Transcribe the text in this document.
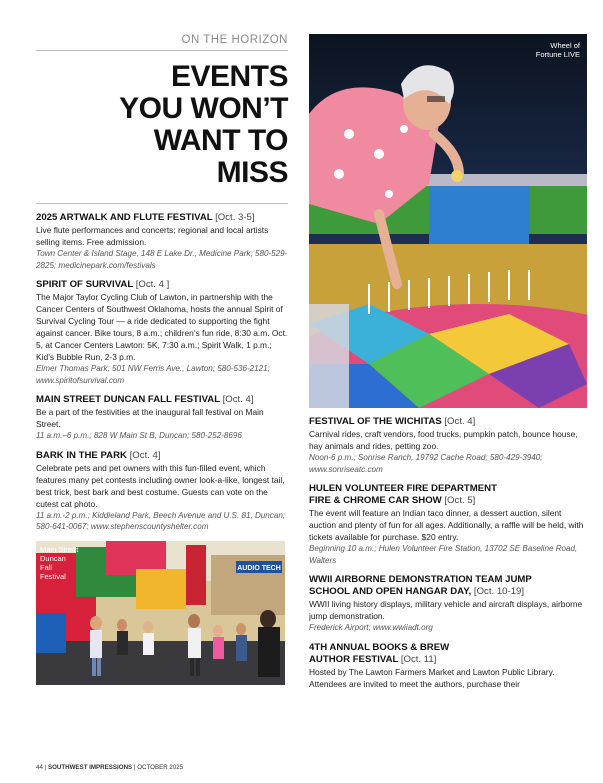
ON THE HORIZON
EVENTS
YOU WON’T
WANT TO
MISS
2025 ARTWALK AND FLUTE FESTIVAL [Oct. 3-5]
Live flute performances and concerts; regional and local artists selling items. Free admission.
Town Center & Island Stage, 148 E Lake Dr., Medicine Park; 580-529-2825; medicinepark.com/festivals
SPIRIT OF SURVIVAL [Oct. 4 ]
The Major Taylor Cycling Club of Lawton, in partnership with the Cancer Centers of Southwest Oklahoma, hosts the annual Spirit of Survival Cycling Tour — a ride dedicated to supporting the fight against cancer. Bike tours, 8 a.m.; children’s fun ride, 8:30 a.m. Oct. 5, at Cancer Centers Lawton: 5K, 7:30 a.m.; Spirit Walk, 1 p.m.; Kid’s Bubble Run, 2-3 p.m.
Elmer Thomas Park; 501 NW Ferris Ave., Lawton; 580-536-2121; www.spiritofsurvival.com
MAIN STREET DUNCAN FALL FESTIVAL [Oct. 4]
Be a part of the festivities at the inaugural fall festival on Main Street.
11 a.m.–6 p.m.; 828 W Main St B, Duncan; 580-252-8696
BARK IN THE PARK [Oct. 4]
Celebrate pets and pet owners with this fun-filled event, which features many pet contests including owner look-a-like, longest tail, best trick, best bark and best costume. Guests can vote on the cutest cat photo.
11 a.m.-2 p.m.; Kiddieland Park, Beech Avenue and U.S. 81, Duncan; 580-641-0067; www.stephenscountyshelter.com
AUDIO TECH
Main Street
Duncan
Fall
Festival
Wheel of
Fortune LIVE
FESTIVAL OF THE WICHITAS [Oct. 4]
Carnival rides, craft vendors, food trucks, pumpkin patch, bounce house, hay animals and rides, petting zoo.
Noon-6 p.m.; Sonrise Ranch, 19792 Cache Road; 580-429-3940; www.sonriseatc.com
HULEN VOLUNTEER FIRE DEPARTMENT
FIRE & CHROME CAR SHOW [Oct. 5]
The event will feature an Indian taco dinner, a dessert auction, silent auction and plenty of fun for all ages. Additionally, a raffle will be held, with tickets available for purchase. $20 entry.
Beginning 10 a.m.; Hulen Volunteer Fire Station, 13702 SE Baseline Road, Walters
WWII AIRBORNE DEMONSTRATION TEAM JUMP
SCHOOL AND OPEN HANGAR DAY, [Oct. 10-19]
WWII living history displays, military vehicle and aircraft displays, airborne jump demonstration.
Frederick Airport; www.wwiiadt.org
4TH ANNUAL BOOKS & BREW
AUTHOR FESTIVAL [Oct. 11]
Hosted by The Lawton Farmers Market and Lawton Public Library. Attendees are invited to meet the authors, purchase their
44 | SOUTHWEST IMPRESSIONS | OCTOBER 2025
